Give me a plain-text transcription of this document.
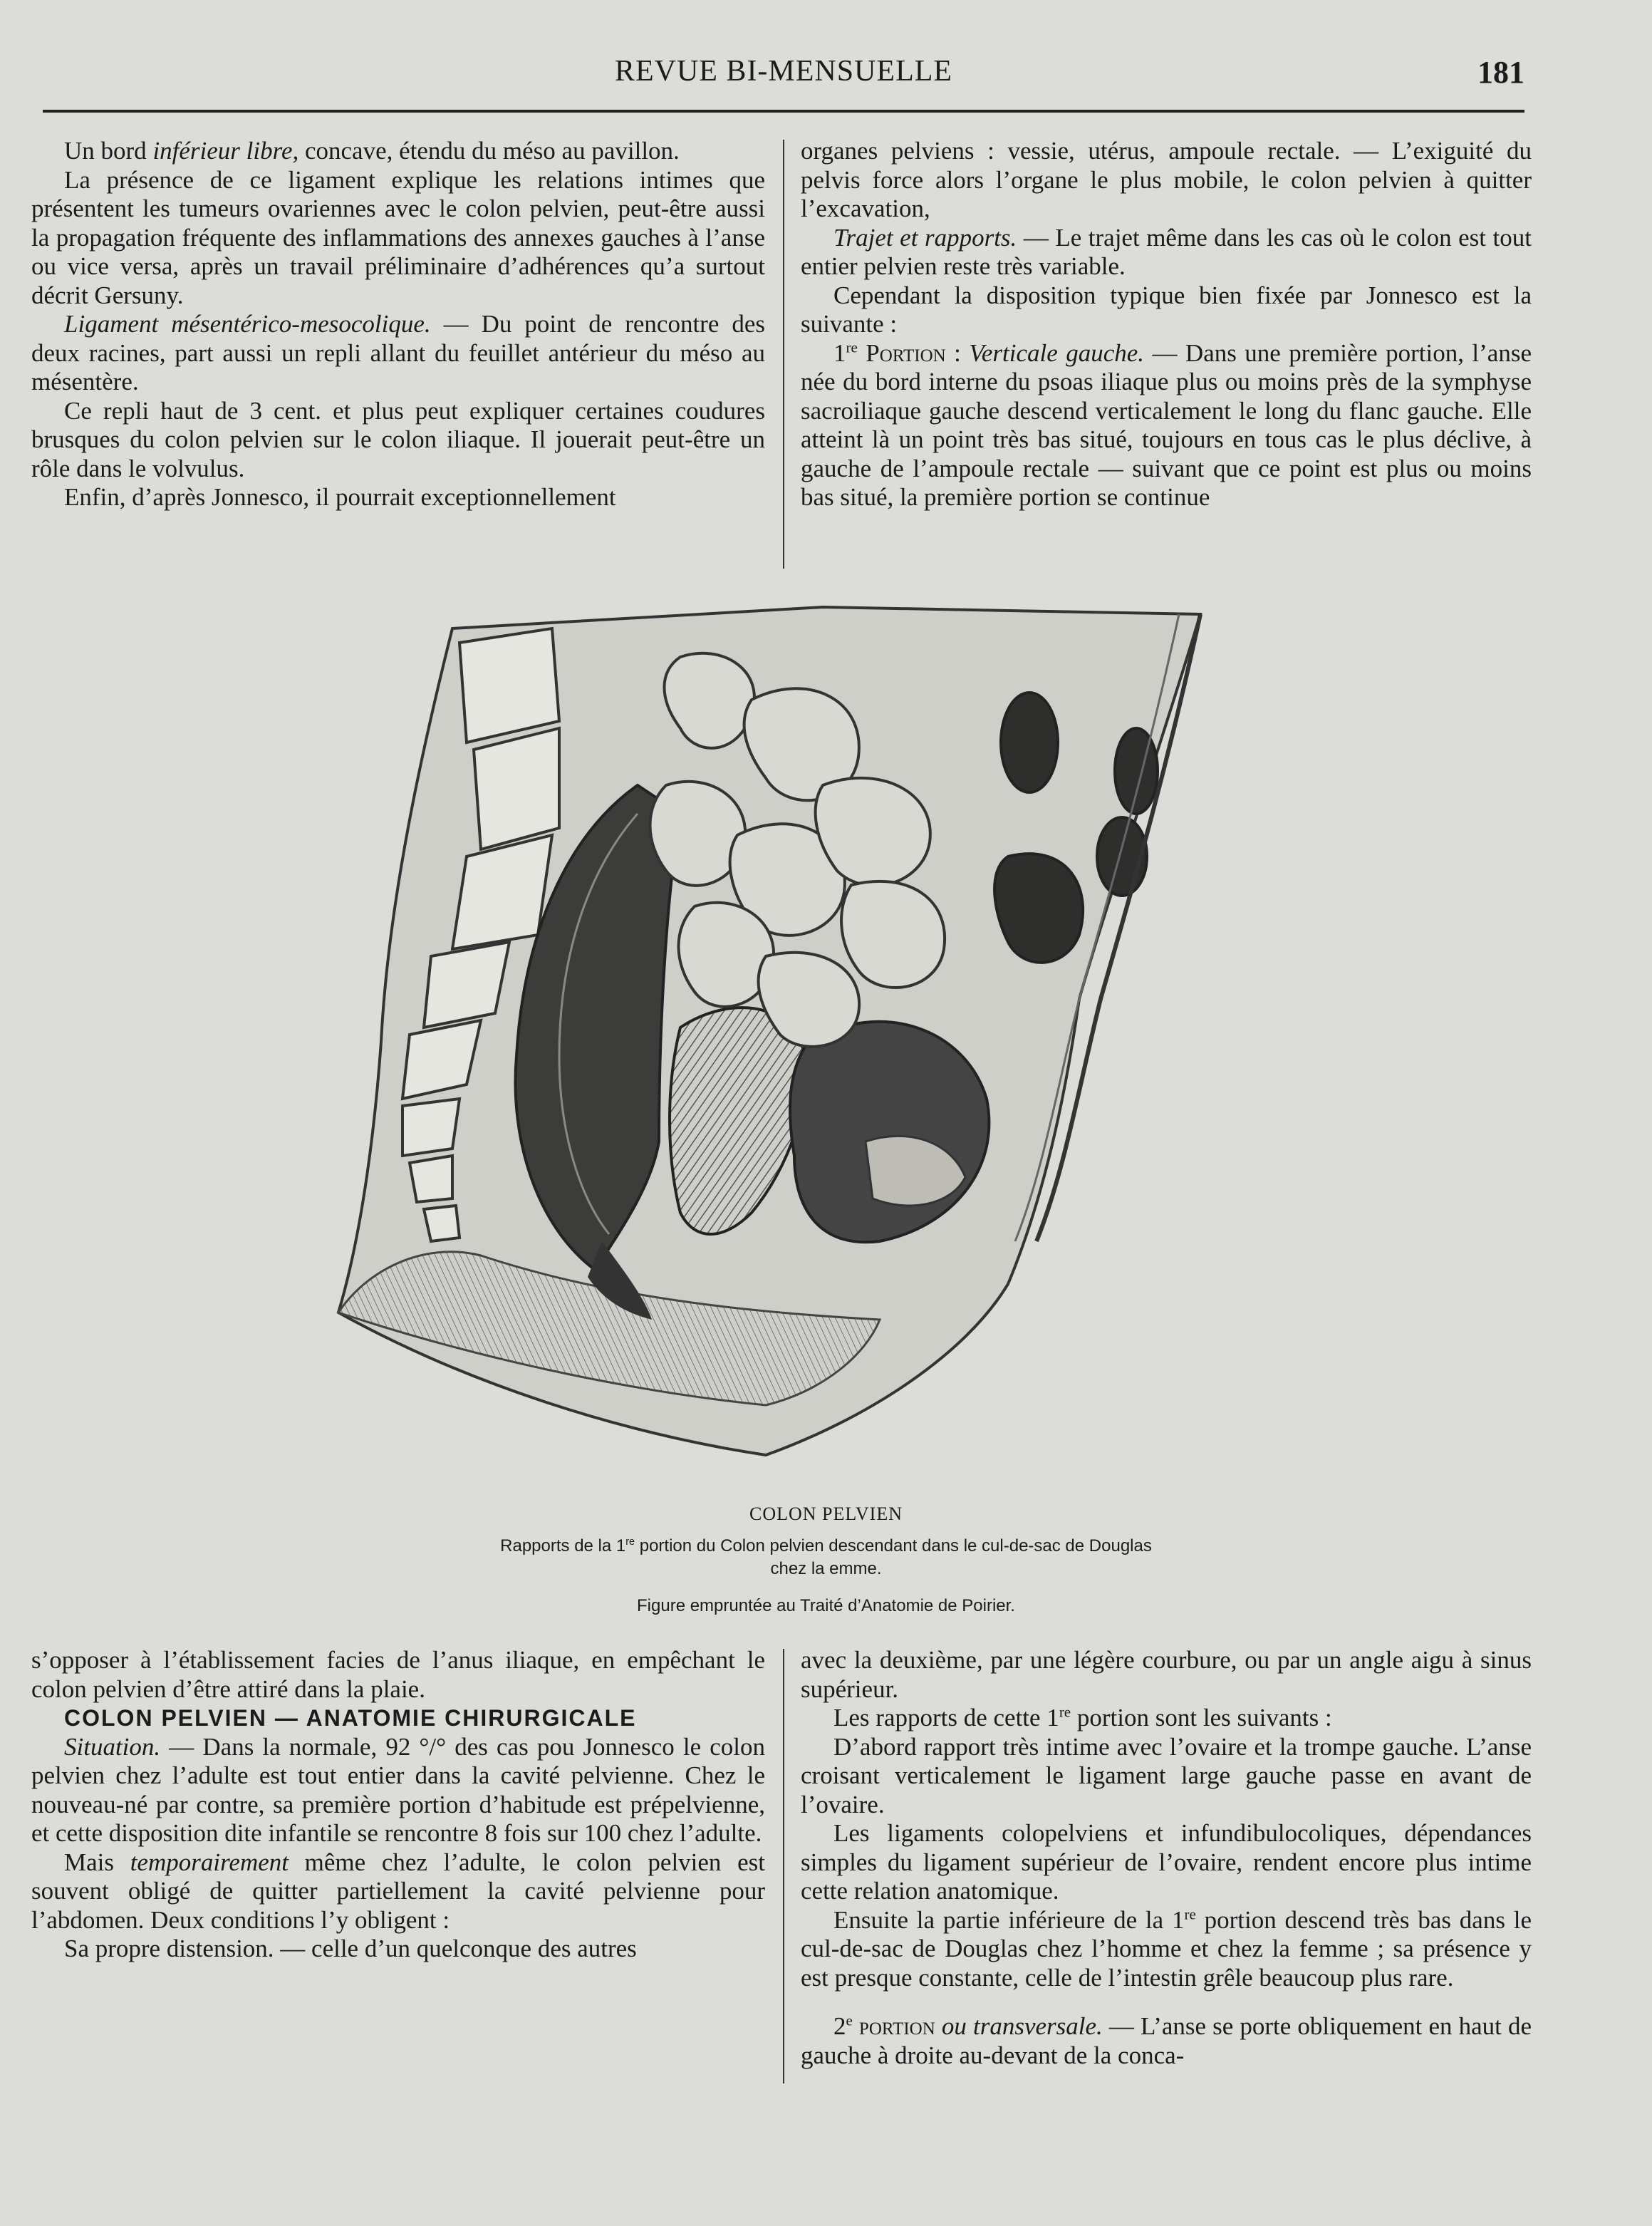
REVUE BI-MENSUELLE	181

Un bord inférieur libre, concave, étendu du méso au pavillon.

La présence de ce ligament explique les relations intimes que présentent les tumeurs ovariennes avec le colon pelvien, peut-être aussi la propagation fréquente des inflammations des annexes gauches à l’anse ou vice versa, après un travail préliminaire d’adhérences qu’a surtout décrit Gersuny.

Ligament mésentérico-mesocolique. — Du point de rencontre des deux racines, part aussi un repli allant du feuillet antérieur du méso au mésentère.

Ce repli haut de 3 cent. et plus peut expliquer certaines coudures brusques du colon pelvien sur le colon iliaque. Il jouerait peut-être un rôle dans le volvulus.

Enfin, d’après Jonnesco, il pourrait exceptionnellement

organes pelviens : vessie, utérus, ampoule rectale. — L’exiguité du pelvis force alors l’organe le plus mobile, le colon pelvien à quitter l’excavation,

Trajet et rapports. — Le trajet même dans les cas où le colon est tout entier pelvien reste très variable.

Cependant la disposition typique bien fixée par Jonnesco est la suivante :

1re Portion : Verticale gauche. — Dans une première portion, l’anse née du bord interne du psoas iliaque plus ou moins près de la symphyse sacroiliaque gauche descend verticalement le long du flanc gauche. Elle atteint là un point très bas situé, toujours en tous cas le plus déclive, à gauche de l’ampoule rectale — suivant que ce point est plus ou moins bas situé, la première portion se continue

COLON PELVIEN
Rapports de la 1re portion du Colon pelvien descendant dans le cul-de-sac de Douglas
chez la emme.
Figure empruntée au Traité d’Anatomie de Poirier.

s’opposer à l’établissement facies de l’anus iliaque, en empêchant le colon pelvien d’être attiré dans la plaie.

COLON PELVIEN — ANATOMIE CHIRURGICALE

Situation. — Dans la normale, 92 °/° des cas pou Jonnesco le colon pelvien chez l’adulte est tout entier dans la cavité pelvienne. Chez le nouveau-né par contre, sa première portion d’habitude est prépelvienne, et cette disposition dite infantile se rencontre 8 fois sur 100 chez l’adulte.

Mais temporairement même chez l’adulte, le colon pelvien est souvent obligé de quitter partiellement la cavité pelvienne pour l’abdomen. Deux conditions l’y obligent :

Sa propre distension. — celle d’un quelconque des autres

avec la deuxième, par une légère courbure, ou par un angle aigu à sinus supérieur.

Les rapports de cette 1re portion sont les suivants :

D’abord rapport très intime avec l’ovaire et la trompe gauche. L’anse croisant verticalement le ligament large gauche passe en avant de l’ovaire.

Les ligaments colopelviens et infundibulocoliques, dépendances simples du ligament supérieur de l’ovaire, rendent encore plus intime cette relation anatomique.

Ensuite la partie inférieure de la 1re portion descend très bas dans le cul-de-sac de Douglas chez l’homme et chez la femme ; sa présence y est presque constante, celle de l’intestin grêle beaucoup plus rare.

2e portion ou transversale. — L’anse se porte obliquement en haut de gauche à droite au-devant de la conca-
